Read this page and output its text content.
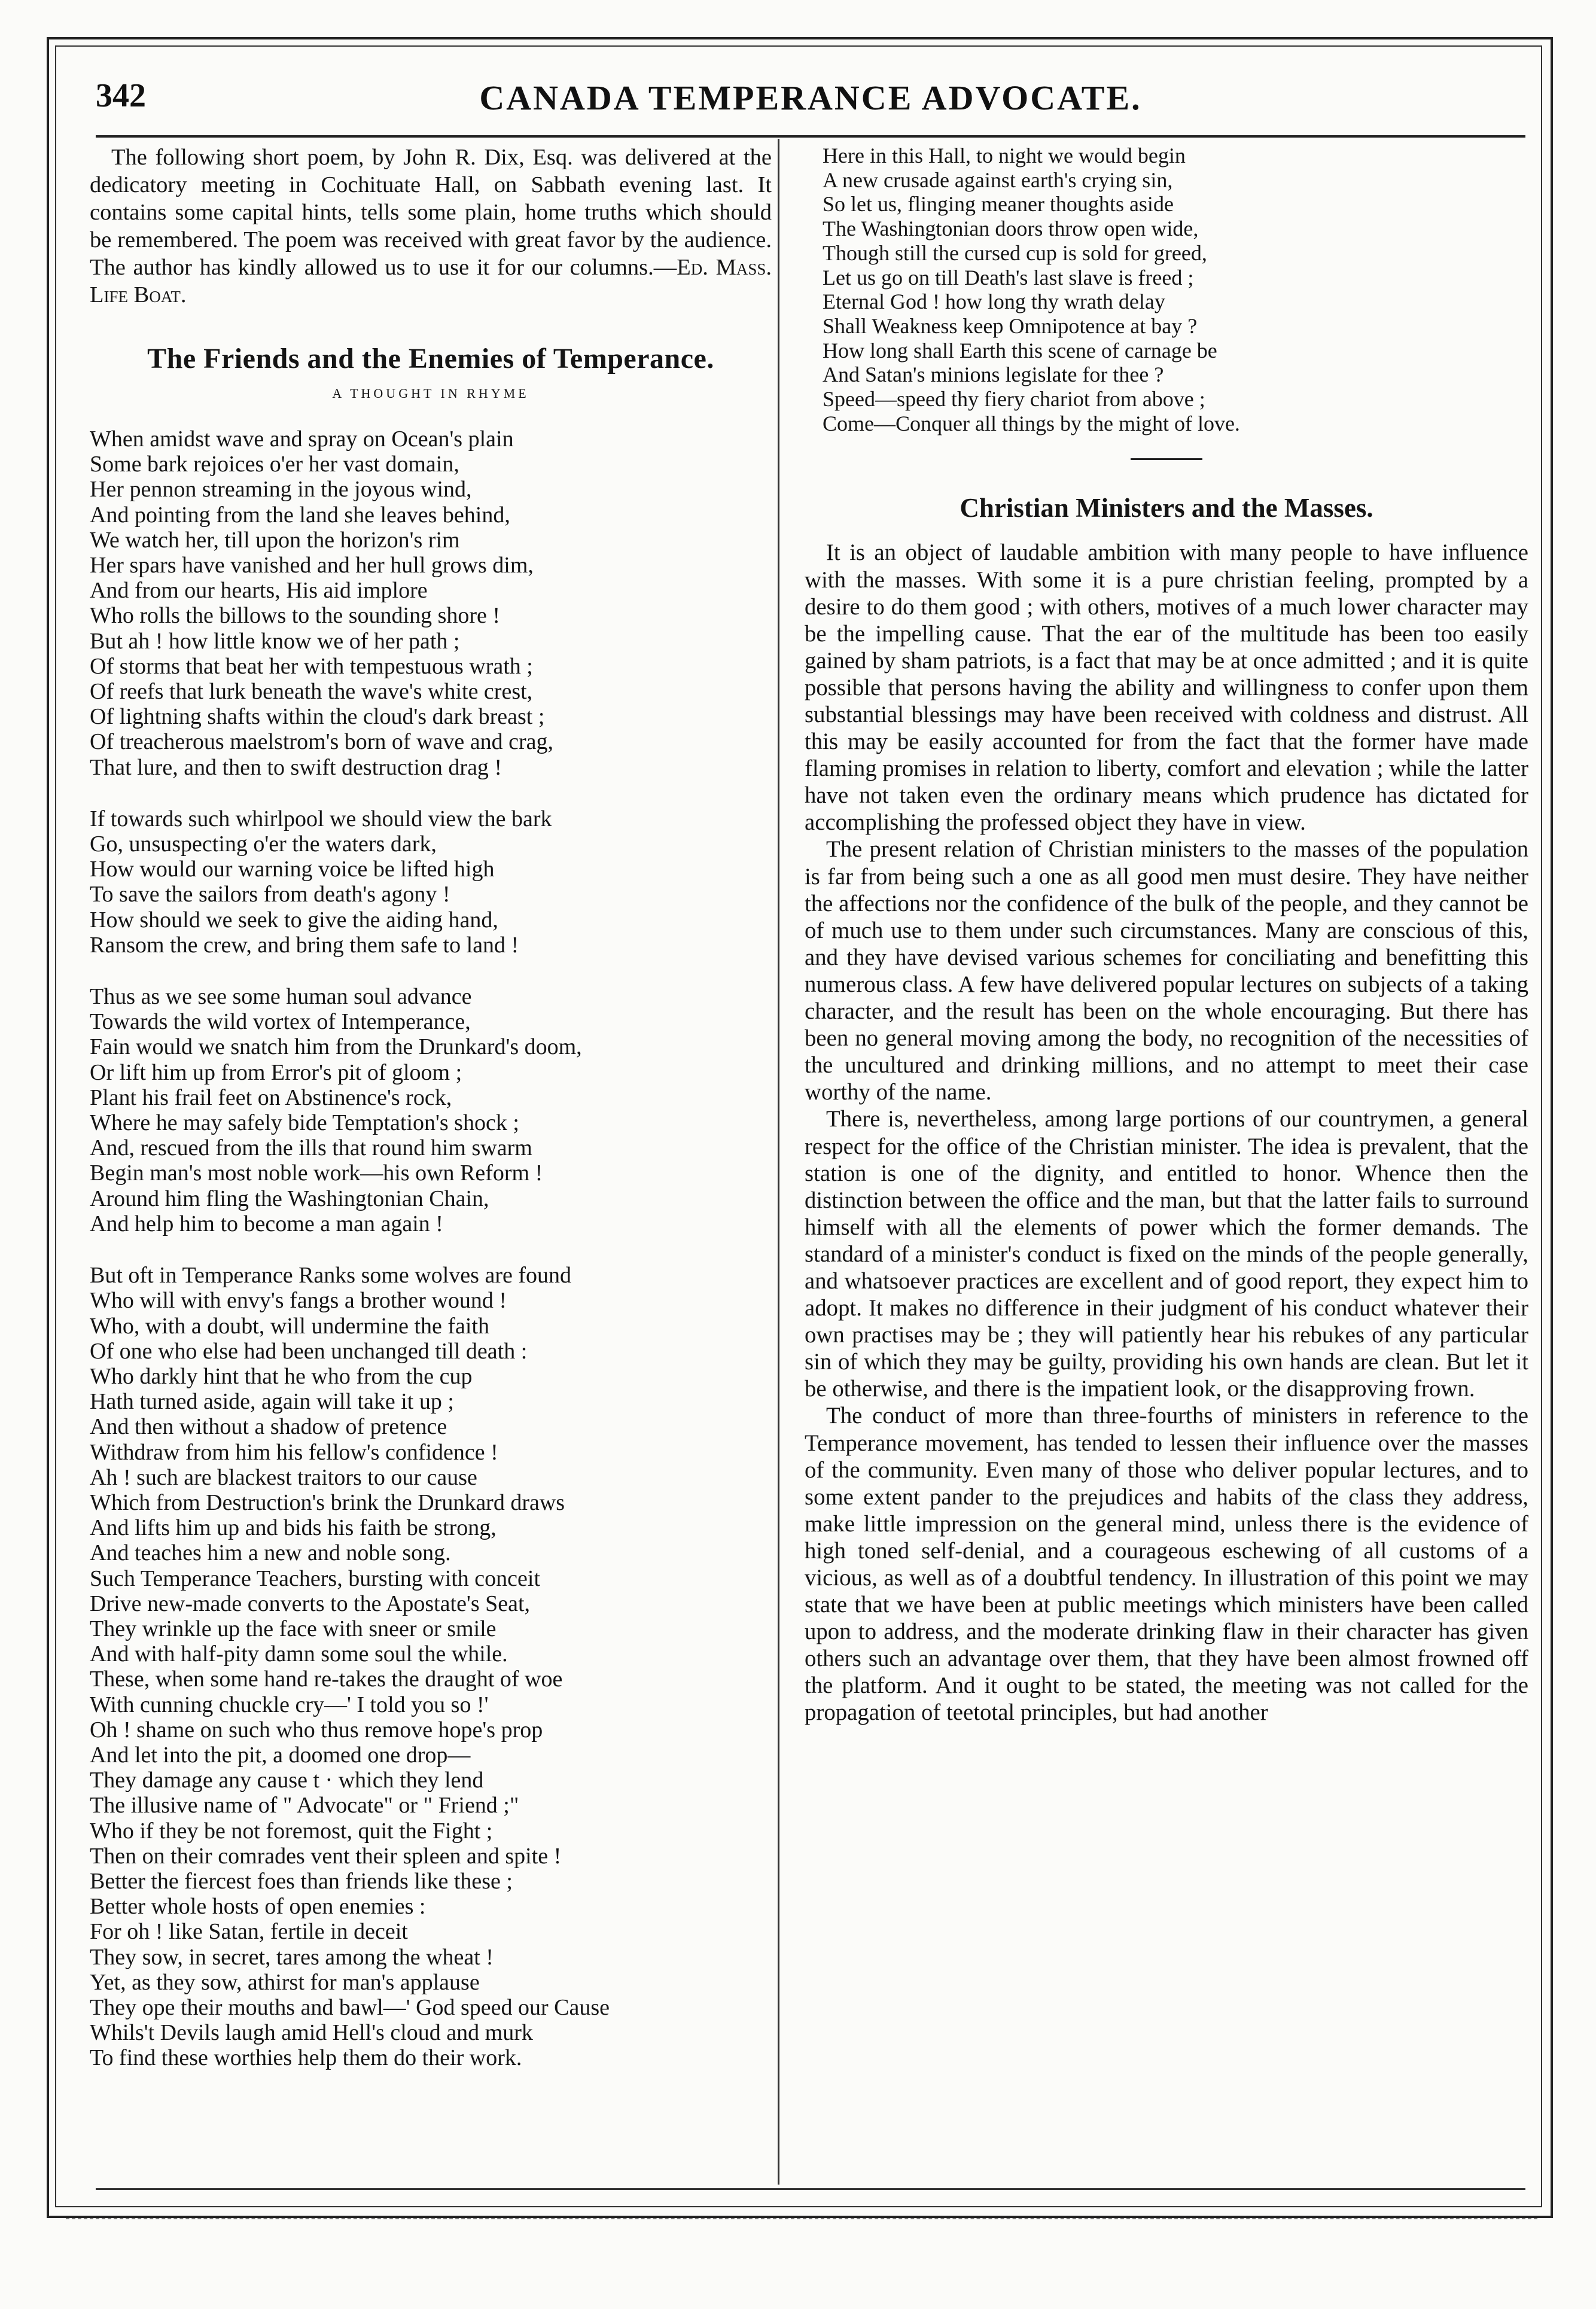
342	CANADA TEMPERANCE ADVOCATE.

The following short poem, by John R. Dix, Esq. was delivered at the dedicatory meeting in Cochituate Hall, on Sabbath evening last. It contains some capital hints, tells some plain, home truths which should be remembered. The poem was received with great favor by the audience. The author has kindly allowed us to use it for our columns.—Ed. Mass. Life Boat.

The Friends and the Enemies of Temperance.
A THOUGHT IN RHYME
When amidst wave and spray on Ocean's plain
Some bark rejoices o'er her vast domain,
Her pennon streaming in the joyous wind,
And pointing from the land she leaves behind,
We watch her, till upon the horizon's rim
Her spars have vanished and her hull grows dim,
And from our hearts, His aid implore
Who rolls the billows to the sounding shore !
But ah ! how little know we of her path ;
Of storms that beat her with tempestuous wrath ;
Of reefs that lurk beneath the wave's white crest,
Of lightning shafts within the cloud's dark breast ;
Of treacherous maelstrom's born of wave and crag,
That lure, and then to swift destruction drag !
If towards such whirlpool we should view the bark
Go, unsuspecting o'er the waters dark,
How would our warning voice be lifted high
To save the sailors from death's agony !
How should we seek to give the aiding hand,
Ransom the crew, and bring them safe to land !
Thus as we see some human soul advance
Towards the wild vortex of Intemperance,
Fain would we snatch him from the Drunkard's doom,
Or lift him up from Error's pit of gloom ;
Plant his frail feet on Abstinence's rock,
Where he may safely bide Temptation's shock ;
And, rescued from the ills that round him swarm
Begin man's most noble work—his own Reform !
Around him fling the Washingtonian Chain,
And help him to become a man again !
But oft in Temperance Ranks some wolves are found
Who will with envy's fangs a brother wound !
Who, with a doubt, will undermine the faith
Of one who else had been unchanged till death :
Who darkly hint that he who from the cup
Hath turned aside, again will take it up ;
And then without a shadow of pretence
Withdraw from him his fellow's confidence !
Ah ! such are blackest traitors to our cause
Which from Destruction's brink the Drunkard draws
And lifts him up and bids his faith be strong,
And teaches him a new and noble song.
Such Temperance Teachers, bursting with conceit
Drive new-made converts to the Apostate's Seat,
They wrinkle up the face with sneer or smile
And with half-pity damn some soul the while.
These, when some hand re-takes the draught of woe
With cunning chuckle cry—' I told you so !'
Oh ! shame on such who thus remove hope's prop
And let into the pit, a doomed one drop—
They damage any cause t · which they lend
The illusive name of " Advocate" or " Friend ;"
Who if they be not foremost, quit the Fight ;
Then on their comrades vent their spleen and spite !
Better the fiercest foes than friends like these ;
Better whole hosts of open enemies :
For oh ! like Satan, fertile in deceit
They sow, in secret, tares among the wheat !
Yet, as they sow, athirst for man's applause
They ope their mouths and bawl—' God speed our Cause
Whils't Devils laugh amid Hell's cloud and murk
To find these worthies help them do their work.
Here in this Hall, to night we would begin
A new crusade against earth's crying sin,
So let us, flinging meaner thoughts aside
The Washingtonian doors throw open wide,
Though still the cursed cup is sold for greed,
Let us go on till Death's last slave is freed ;
Eternal God ! how long thy wrath delay
Shall Weakness keep Omnipotence at bay ?
How long shall Earth this scene of carnage be
And Satan's minions legislate for thee ?
Speed—speed thy fiery chariot from above ;
Come—Conquer all things by the might of love.
Christian Ministers and the Masses.

It is an object of laudable ambition with many people to have influence with the masses. With some it is a pure christian feeling, prompted by a desire to do them good ; with others, motives of a much lower character may be the impelling cause. That the ear of the multitude has been too easily gained by sham patriots, is a fact that may be at once admitted ; and it is quite possible that persons having the ability and willingness to confer upon them substantial blessings may have been received with coldness and distrust. All this may be easily accounted for from the fact that the former have made flaming promises in relation to liberty, comfort and elevation ; while the latter have not taken even the ordinary means which prudence has dictated for accomplishing the professed object they have in view.

The present relation of Christian ministers to the masses of the population is far from being such a one as all good men must desire. They have neither the affections nor the confidence of the bulk of the people, and they cannot be of much use to them under such circumstances. Many are conscious of this, and they have devised various schemes for conciliating and benefitting this numerous class. A few have delivered popular lectures on subjects of a taking character, and the result has been on the whole encouraging. But there has been no general moving among the body, no recognition of the necessities of the uncultured and drinking millions, and no attempt to meet their case worthy of the name.

There is, nevertheless, among large portions of our countrymen, a general respect for the office of the Christian minister. The idea is prevalent, that the station is one of the dignity, and entitled to honor. Whence then the distinction between the office and the man, but that the latter fails to surround himself with all the elements of power which the former demands. The standard of a minister's conduct is fixed on the minds of the people generally, and whatsoever practices are excellent and of good report, they expect him to adopt. It makes no difference in their judgment of his conduct whatever their own practises may be ; they will patiently hear his rebukes of any particular sin of which they may be guilty, providing his own hands are clean. But let it be otherwise, and there is the impatient look, or the disapproving frown.

The conduct of more than three-fourths of ministers in reference to the Temperance movement, has tended to lessen their influence over the masses of the community. Even many of those who deliver popular lectures, and to some extent pander to the prejudices and habits of the class they address, make little impression on the general mind, unless there is the evidence of high toned self-denial, and a courageous eschewing of all customs of a vicious, as well as of a doubtful tendency. In illustration of this point we may state that we have been at public meetings which ministers have been called upon to address, and the moderate drinking flaw in their character has given others such an advantage over them, that they have been almost frowned off the platform. And it ought to be stated, the meeting was not called for the propagation of teetotal principles, but had another
